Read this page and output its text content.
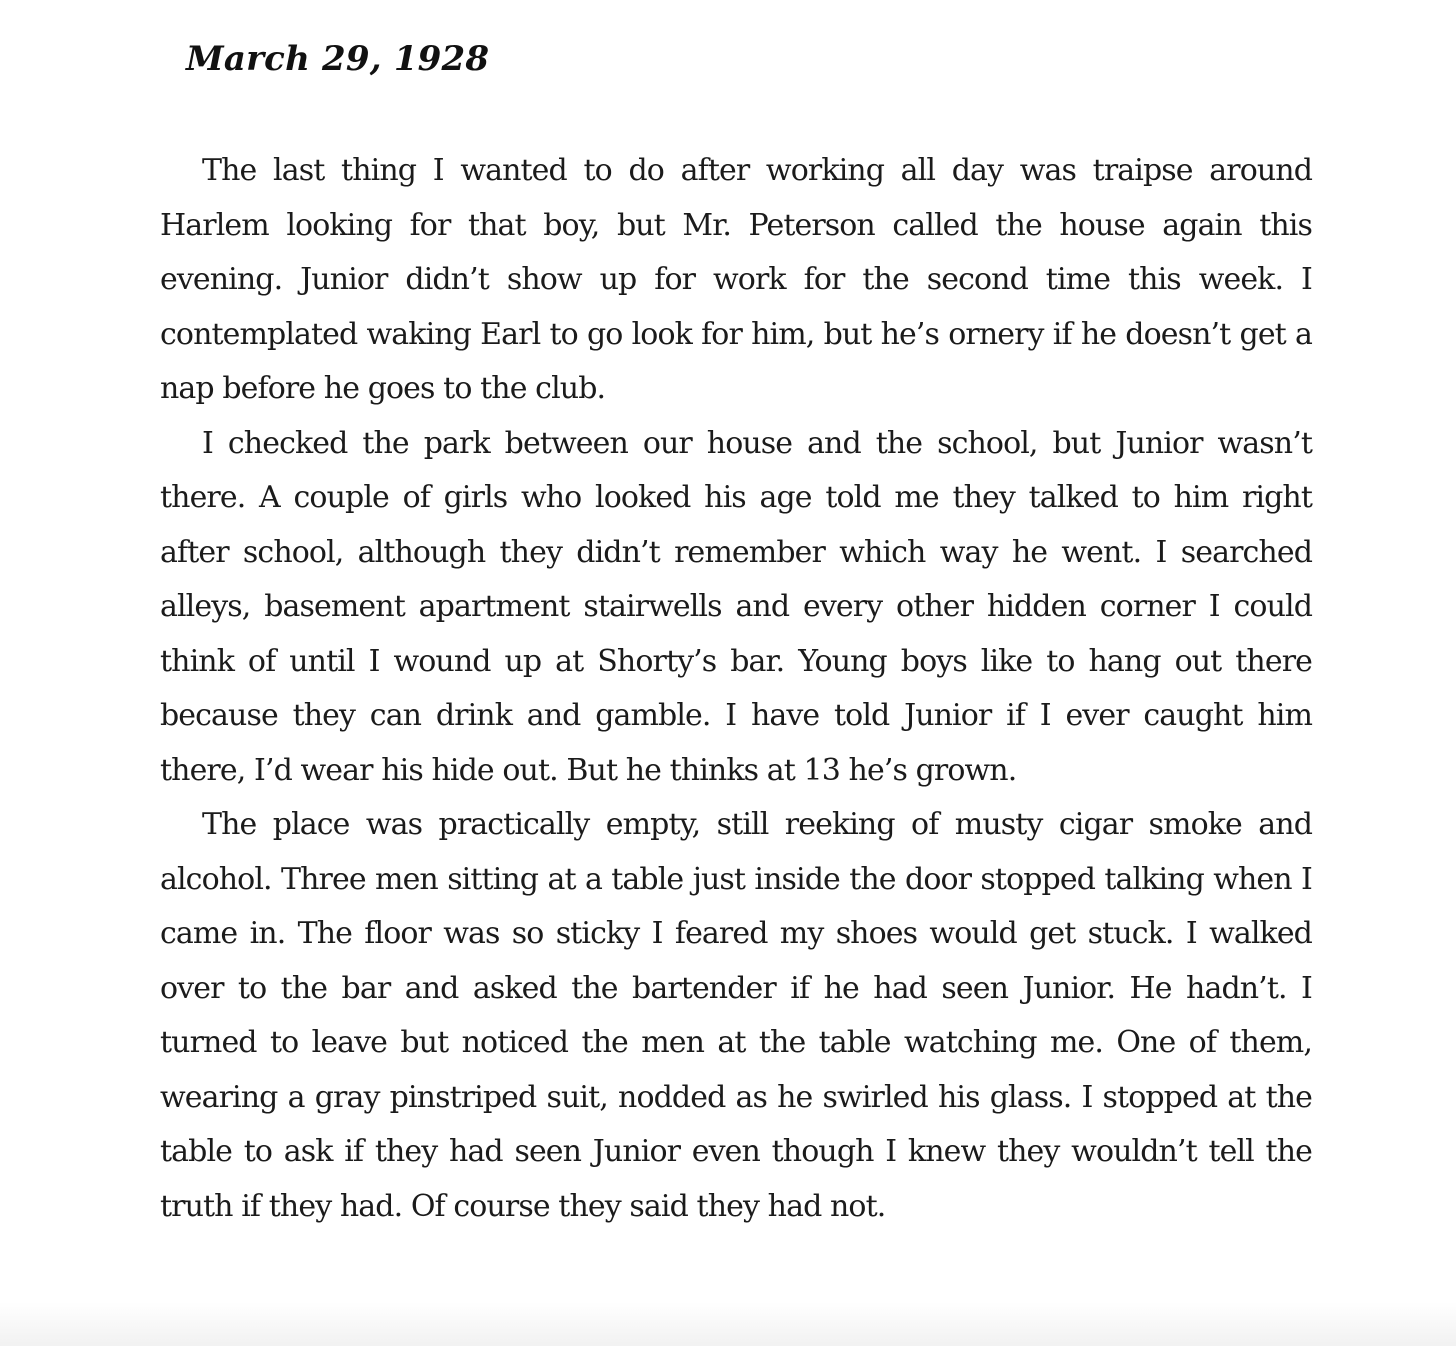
March 29, 1928

The last thing I wanted to do after working all day was traipse around Harlem looking for that boy, but Mr. Peterson called the house again this evening. Junior didn’t show up for work for the second time this week. I contemplated waking Earl to go look for him, but he’s ornery if he doesn’t get a nap before he goes to the club.

I checked the park between our house and the school, but Junior wasn’t there. A couple of girls who looked his age told me they talked to him right after school, although they didn’t remember which way he went. I searched alleys, basement apartment stairwells and every other hidden corner I could think of until I wound up at Shorty’s bar. Young boys like to hang out there because they can drink and gamble. I have told Junior if I ever caught him there, I’d wear his hide out. But he thinks at 13 he’s grown.

The place was practically empty, still reeking of musty cigar smoke and alcohol. Three men sitting at a table just inside the door stopped talking when I came in. The floor was so sticky I feared my shoes would get stuck. I walked over to the bar and asked the bartender if he had seen Junior. He hadn’t. I turned to leave but noticed the men at the table watching me. One of them, wearing a gray pinstriped suit, nodded as he swirled his glass. I stopped at the table to ask if they had seen Junior even though I knew they wouldn’t tell the truth if they had. Of course they said they had not.
